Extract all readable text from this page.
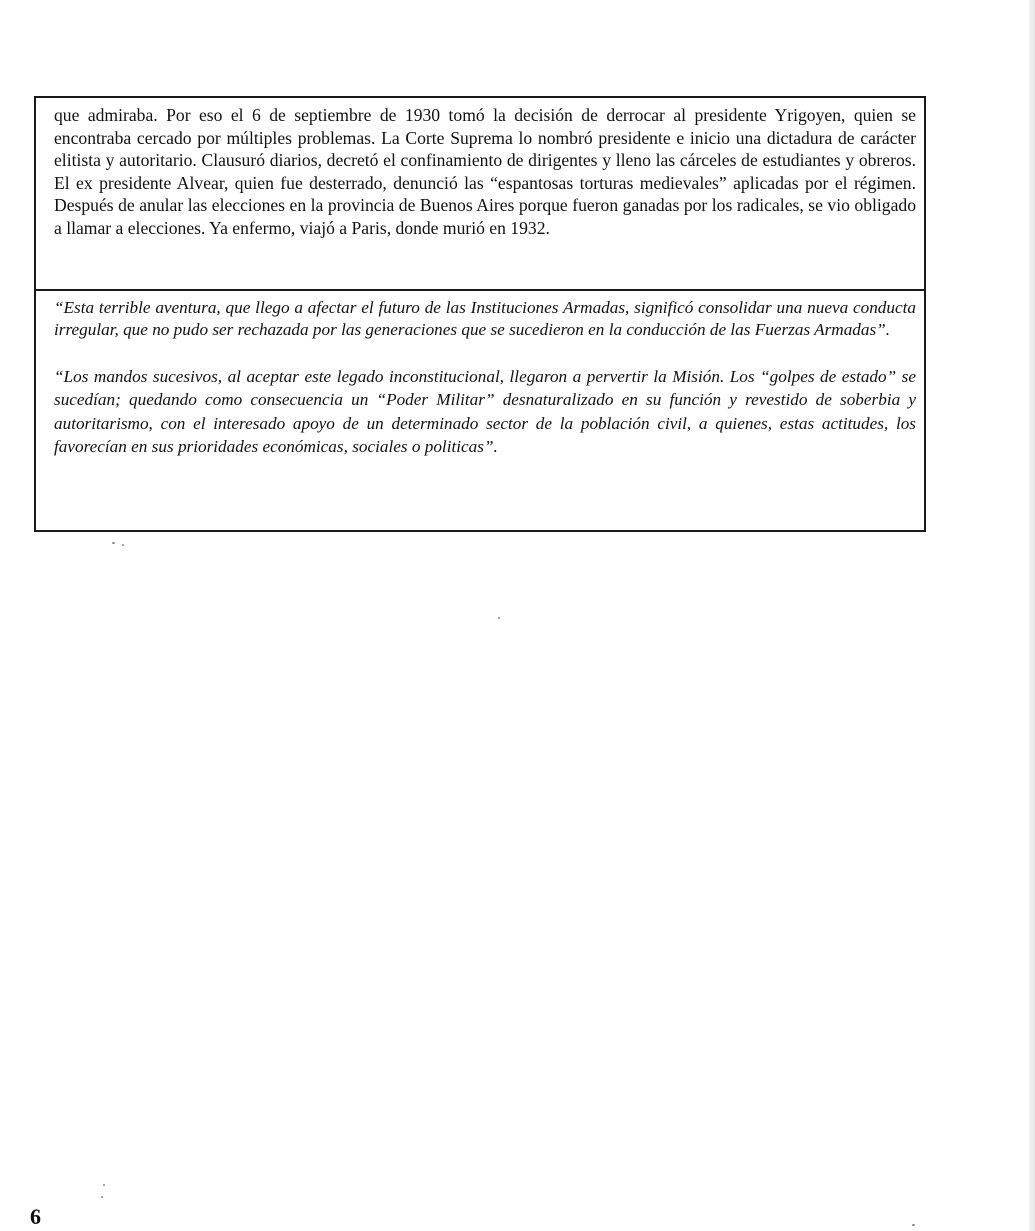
que admiraba. Por eso el 6 de septiembre de 1930 tomó la decisión de derrocar al presidente Yrigoyen, quien se encontraba cercado por múltiples problemas. La Corte Suprema lo nombró presidente e inicio una dictadura de carácter elitista y autoritario. Clausuró diarios, decretó el confinamiento de dirigentes y lleno las cárceles de estudiantes y obreros. El ex presidente Alvear, quien fue desterrado, denunció las “espantosas torturas medievales” aplicadas por el régimen. Después de anular las elecciones en la provincia de Buenos Aires porque fueron ganadas por los radicales, se vio obligado a llamar a elecciones. Ya enfermo, viajó a Paris, donde murió en 1932.

“Esta terrible aventura, que llego a afectar el futuro de las Instituciones Armadas, significó consolidar una nueva conducta irregular, que no pudo ser rechazada por las generaciones que se sucedieron en la conducción de las Fuerzas Armadas”.

“Los mandos sucesivos, al aceptar este legado inconstitucional, llegaron a pervertir la Misión. Los “golpes de estado” se sucedían; quedando como consecuencia un “Poder Militar” desnaturalizado en su función y revestido de soberbia y autoritarismo, con el interesado apoyo de un determinado sector de la población civil, a quienes, estas actitudes, los favorecían en sus prioridades económicas, sociales o politicas”.

6
